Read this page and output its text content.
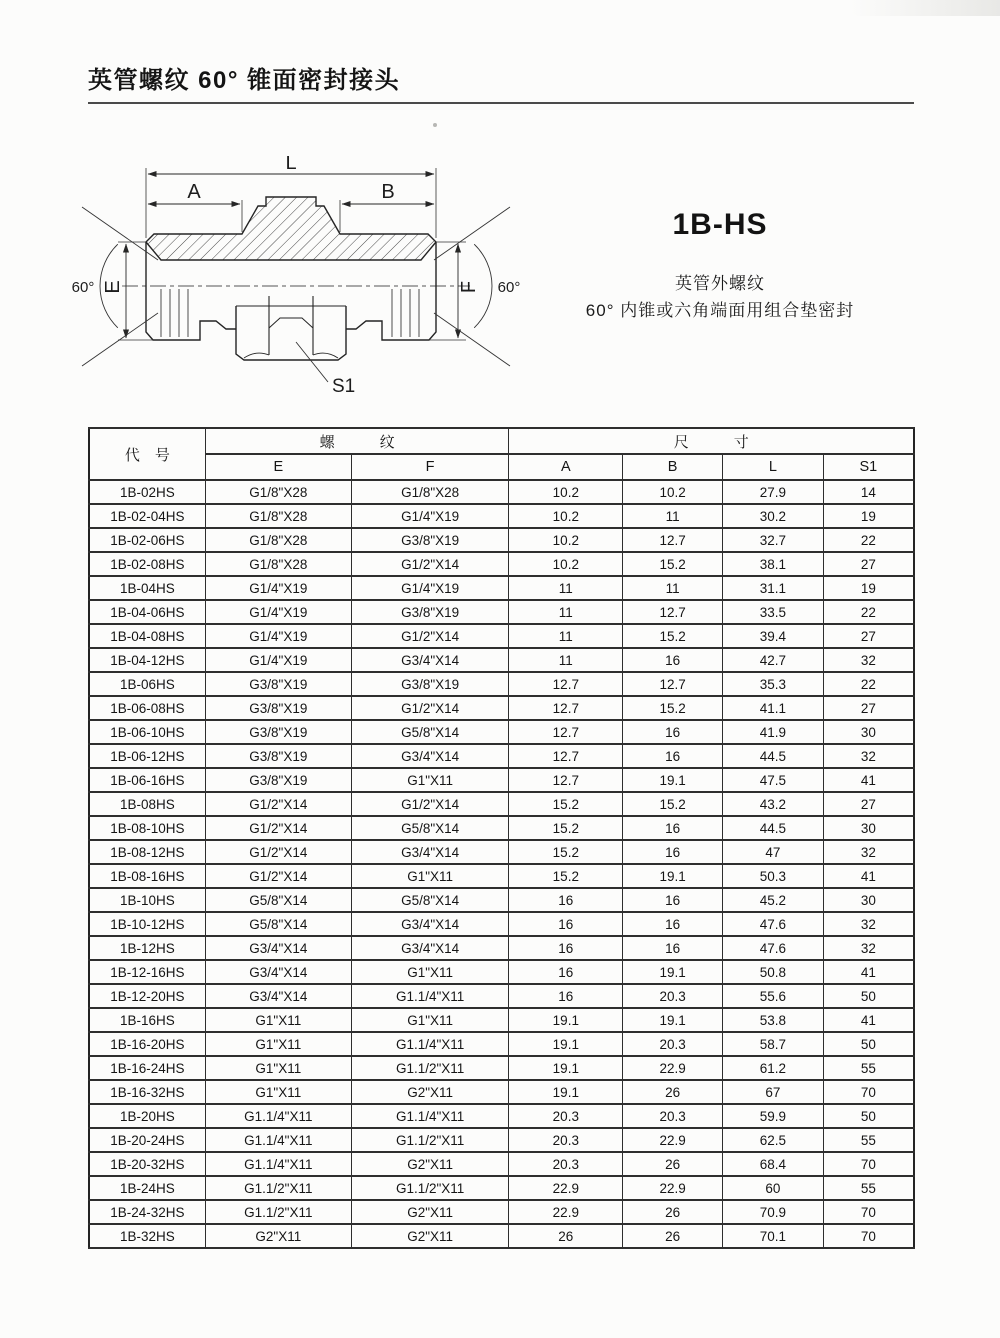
英管螺纹 60° 锥面密封接头
L
A	B
E	F
60°	60°
S1
1B-HS
英管外螺纹
60° 内锥或六角端面用组合垫密封
代　号	螺　　　纹		尺　　　寸			
	E	F	A	B	L	S1
1B-02HS	G1/8"X28	G1/8"X28	10.2	10.2	27.9	14
1B-02-04HS	G1/8"X28	G1/4"X19	10.2	11	30.2	19
1B-02-06HS	G1/8"X28	G3/8"X19	10.2	12.7	32.7	22
1B-02-08HS	G1/8"X28	G1/2"X14	10.2	15.2	38.1	27
1B-04HS	G1/4"X19	G1/4"X19	11	11	31.1	19
1B-04-06HS	G1/4"X19	G3/8"X19	11	12.7	33.5	22
1B-04-08HS	G1/4"X19	G1/2"X14	11	15.2	39.4	27
1B-04-12HS	G1/4"X19	G3/4"X14	11	16	42.7	32
1B-06HS	G3/8"X19	G3/8"X19	12.7	12.7	35.3	22
1B-06-08HS	G3/8"X19	G1/2"X14	12.7	15.2	41.1	27
1B-06-10HS	G3/8"X19	G5/8"X14	12.7	16	41.9	30
1B-06-12HS	G3/8"X19	G3/4"X14	12.7	16	44.5	32
1B-06-16HS	G3/8"X19	G1"X11	12.7	19.1	47.5	41
1B-08HS	G1/2"X14	G1/2"X14	15.2	15.2	43.2	27
1B-08-10HS	G1/2"X14	G5/8"X14	15.2	16	44.5	30
1B-08-12HS	G1/2"X14	G3/4"X14	15.2	16	47	32
1B-08-16HS	G1/2"X14	G1"X11	15.2	19.1	50.3	41
1B-10HS	G5/8"X14	G5/8"X14	16	16	45.2	30
1B-10-12HS	G5/8"X14	G3/4"X14	16	16	47.6	32
1B-12HS	G3/4"X14	G3/4"X14	16	16	47.6	32
1B-12-16HS	G3/4"X14	G1"X11	16	19.1	50.8	41
1B-12-20HS	G3/4"X14	G1.1/4"X11	16	20.3	55.6	50
1B-16HS	G1"X11	G1"X11	19.1	19.1	53.8	41
1B-16-20HS	G1"X11	G1.1/4"X11	19.1	20.3	58.7	50
1B-16-24HS	G1"X11	G1.1/2"X11	19.1	22.9	61.2	55
1B-16-32HS	G1"X11	G2"X11	19.1	26	67	70
1B-20HS	G1.1/4"X11	G1.1/4"X11	20.3	20.3	59.9	50
1B-20-24HS	G1.1/4"X11	G1.1/2"X11	20.3	22.9	62.5	55
1B-20-32HS	G1.1/4"X11	G2"X11	20.3	26	68.4	70
1B-24HS	G1.1/2"X11	G1.1/2"X11	22.9	22.9	60	55
1B-24-32HS	G1.1/2"X11	G2"X11	22.9	26	70.9	70
1B-32HS	G2"X11	G2"X11	26	26	70.1	70
